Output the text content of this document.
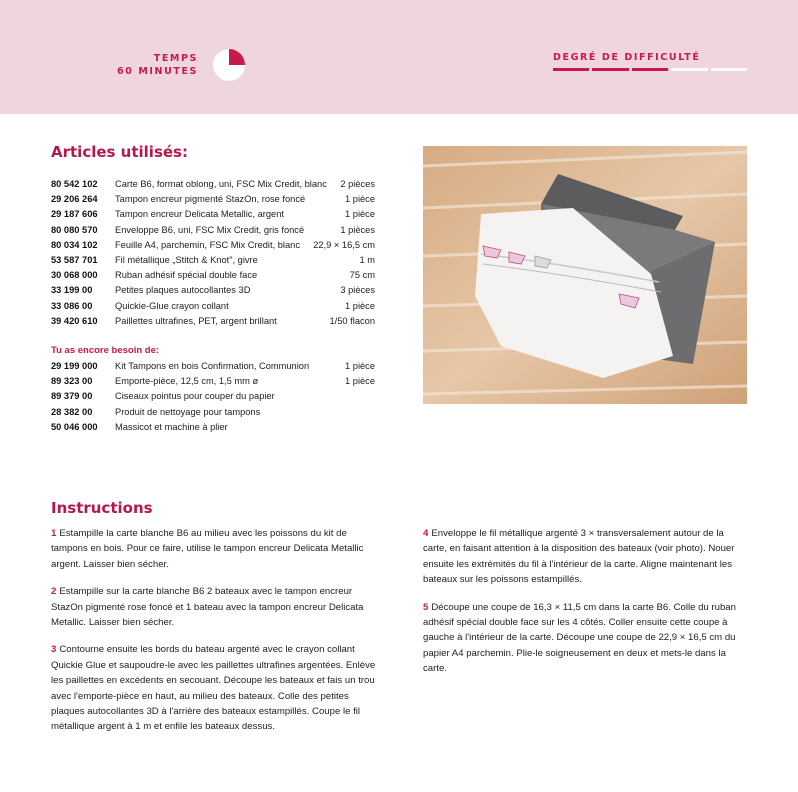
TEMPS
60 MINUTES
DEGRÉ DE DIFFICULTÉ
Articles utilisés:
80 542 102	Carte B6, format oblong, uni, FSC Mix Credit, blanc	2 pièces
29 206 264	Tampon encreur pigmenté StazOn, rose foncé	1 pièce
29 187 606	Tampon encreur Delicata Metallic, argent	1 pièce
80 080 570	Enveloppe B6, uni, FSC Mix Credit, gris foncé	1 pièces
80 034 102	Feuille A4, parchemin, FSC Mix Credit, blanc	22,9 × 16,5 cm
53 587 701	Fil métallique „Stitch & Knot", givre	1 m
30 068 000	Ruban adhésif spécial double face	75 cm
33 199 00	Petites plaques autocollantes 3D	3 pièces
33 086 00	Quickie-Glue crayon collant	1 pièce
39 420 610	Paillettes ultrafines, PET, argent brillant	1/50 flacon
Tu as encore besoin de:
29 199 000	Kit Tampons en bois Confirmation, Communion	1 pièce
89 323 00	Emporte-pièce, 12,5 cm, 1,5 mm ø	1 pièce
89 379 00	Ciseaux pointus pour couper du papier
28 382 00	Produit de nettoyage pour tampons
50 046 000	Massicot et machine à plier
Instructions

1 Estampille la carte blanche B6 au milieu avec les poissons du kit de tampons en bois. Pour ce faire, utilise le tampon encreur Delicata Metallic argent. Laisser bien sécher.

2 Estampille sur la carte blanche B6 2 bateaux avec le tampon encreur StazOn pigmenté rose foncé et 1 bateau avec la tampon encreur Delicata Metallic. Laisser bien sécher.

3 Contourne ensuite les bords du bateau argenté avec le crayon collant Quickie Glue et saupoudre-le avec les paillettes ultrafines argentées. Enlève les paillettes en excédents en secouant. Découpe les bateaux et fais un trou avec l'emporte-pièce en haut, au milieu des bateaux. Colle des petites plaques autocollantes 3D à l'arrière des bateaux estampillés. Coupe le fil métallique argent à 1 m et enfile les bateaux dessus.

4 Enveloppe le fil métallique argenté 3 × transversalement autour de la carte, en faisant attention à la disposition des bateaux (voir photo). Nouer ensuite les extrémités du fil à l'intérieur de la carte. Aligne maintenant les bateaux sur les poissons estampillés.

5 Découpe une coupe de 16,3 × 11,5 cm dans la carte B6. Colle du ruban adhésif spécial double face sur les 4 côtés. Coller ensuite cette coupe à gauche à l'intérieur de la carte. Découpe une coupe de 22,9 × 16,5 cm du papier A4 parchemin. Plie-le soigneusement en deux et mets-le dans la carte.
